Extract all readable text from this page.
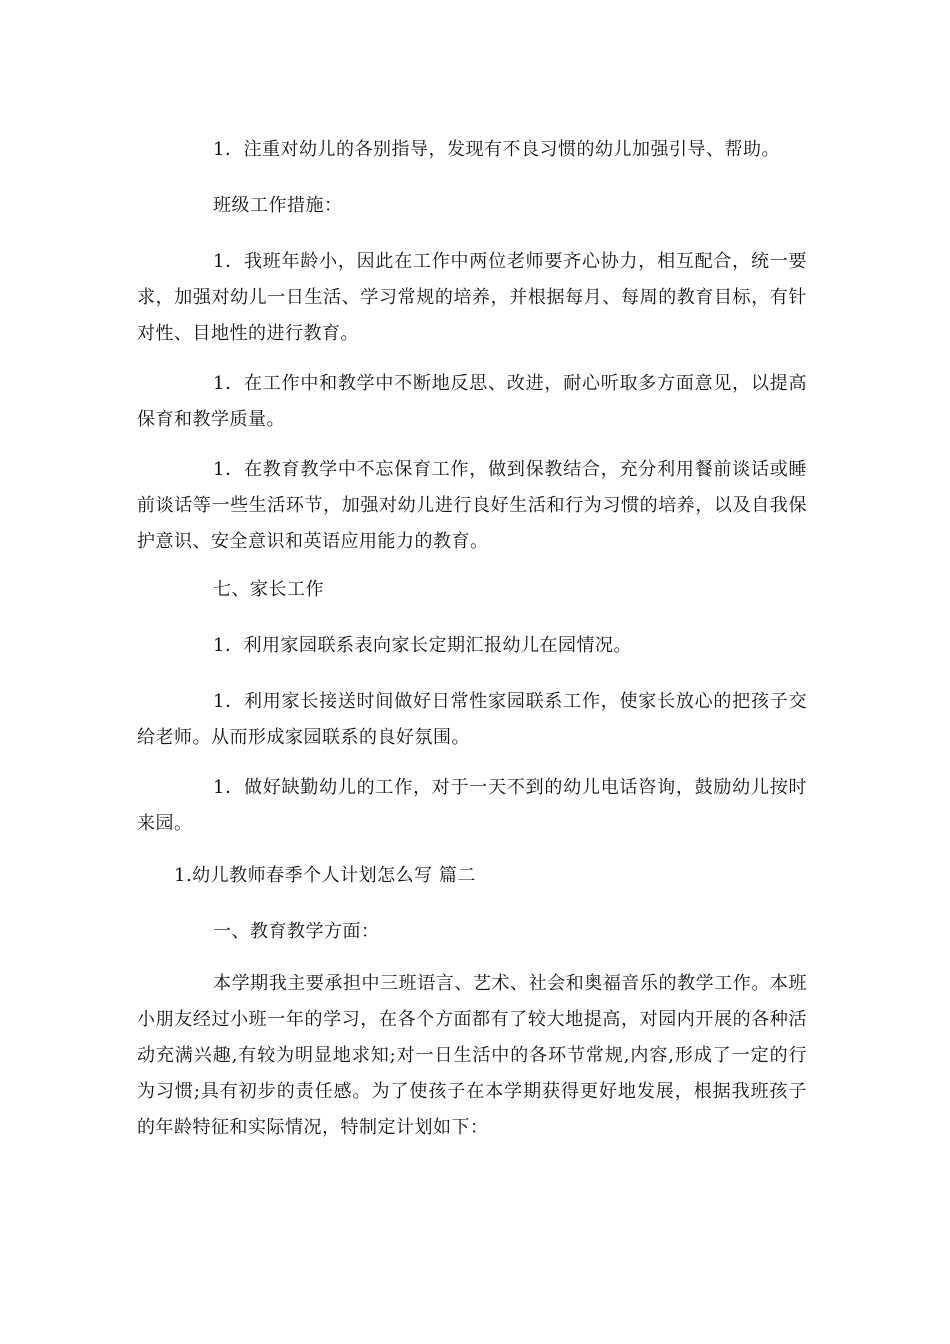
1．注重对幼儿的各别指导，发现有不良习惯的幼儿加强引导、帮助。

班级工作措施：

1．我班年龄小，因此在工作中两位老师要齐心协力，相互配合，统一要求，加强对幼儿一日生活、学习常规的培养，并根据每月、每周的教育目标，有针对性、目地性的进行教育。

1．在工作中和教学中不断地反思、改进，耐心听取多方面意见，以提高保育和教学质量。

1．在教育教学中不忘保育工作，做到保教结合，充分利用餐前谈话或睡前谈话等一些生活环节，加强对幼儿进行良好生活和行为习惯的培养，以及自我保护意识、安全意识和英语应用能力的教育。

七、家长工作

1．利用家园联系表向家长定期汇报幼儿在园情况。

1．利用家长接送时间做好日常性家园联系工作，使家长放心的把孩子交给老师。从而形成家园联系的良好氛围。

1．做好缺勤幼儿的工作，对于一天不到的幼儿电话咨询，鼓励幼儿按时来园。

1.幼儿教师春季个人计划怎么写 篇二

一、教育教学方面：

本学期我主要承担中三班语言、艺术、社会和奥福音乐的教学工作。本班小朋友经过小班一年的学习，在各个方面都有了较大地提高，对园内开展的各种活动充满兴趣,有较为明显地求知;对一日生活中的各环节常规,内容,形成了一定的行为习惯;具有初步的责任感。为了使孩子在本学期获得更好地发展，根据我班孩子的年龄特征和实际情况，特制定计划如下：
